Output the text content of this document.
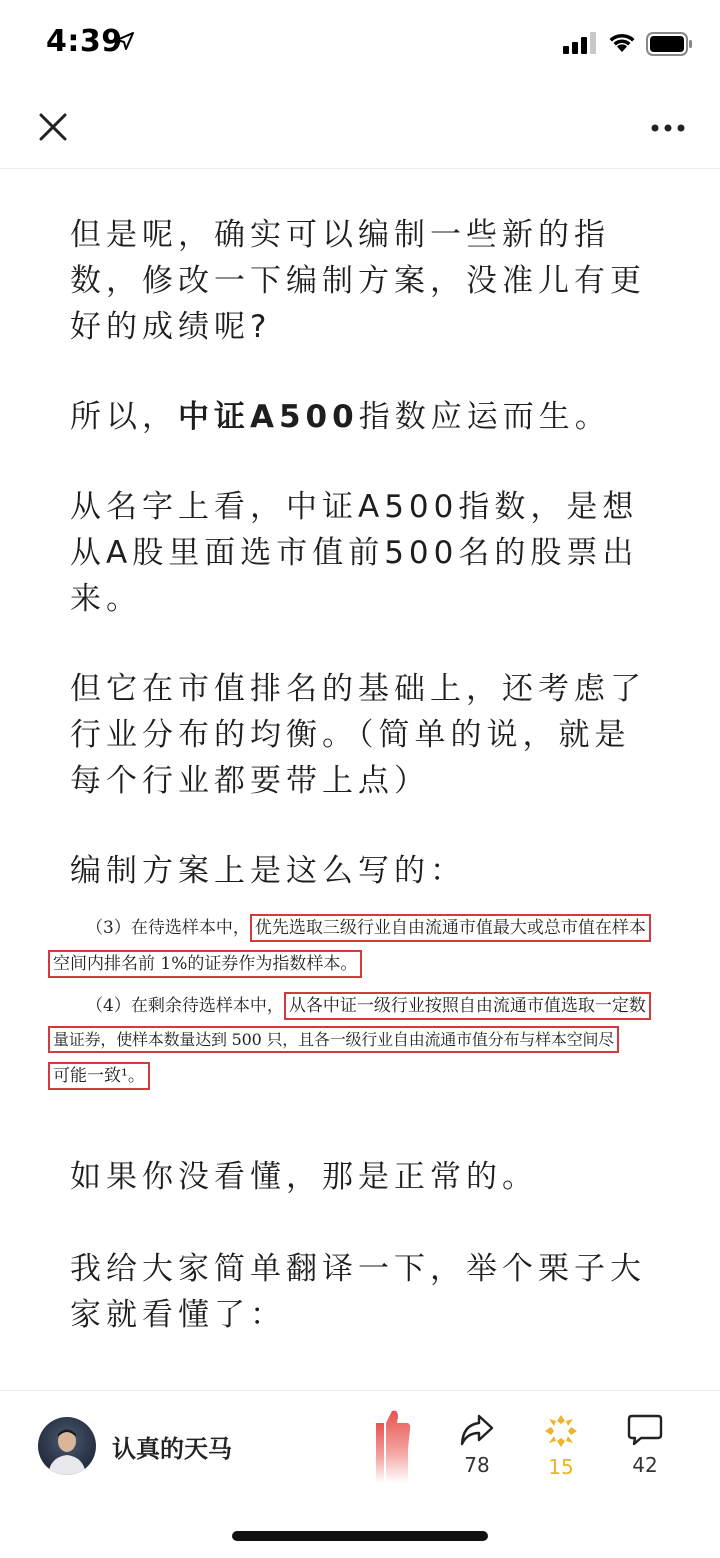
4:39

但是呢，确实可以编制一些新的指数，修改一下编制方案，没准儿有更好的成绩呢?

所以，中证A500指数应运而生。

从名字上看，中证A500指数，是想从A股里面选市值前500名的股票出来。

但它在市值排名的基础上，还考虑了行业分布的均衡。（简单的说，就是每个行业都要带上点）

编制方案上是这么写的：

（3）在待选样本中， 优先选取三级行业自由流通市值最大或总市值在样本
空间内排名前 1%的证券作为指数样本。
（4）在剩余待选样本中， 从各中证一级行业按照自由流通市值选取一定数
量证券，使样本数量达到 500 只，且各一级行业自由流通市值分布与样本空间尽
可能一致¹。

如果你没看懂，那是正常的。

我给大家简单翻译一下，举个栗子大家就看懂了：

认真的天马
78	15	42
